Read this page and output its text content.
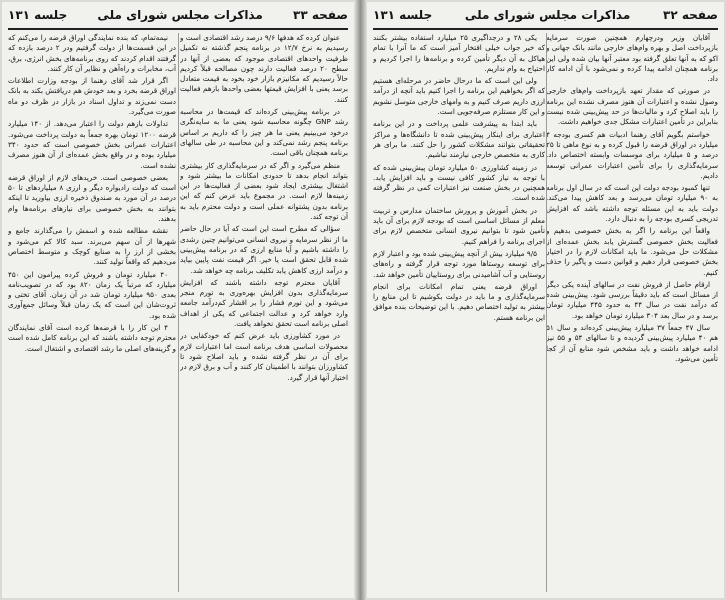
صفحه ۳۳
مذاکرات مجلس شورای ملی
جلسه ۱۳۱

عنوان کرده که هدفها ۹/۶ درصد رشد اقتصادی است و رسیدیم به نرخ ۱۲/۷ در برنامه پنجم گذشته نه تکمیل ظرفیت واحدهای اقتصادی موجود که بعضی از آنها در سطح ۲۰ درصد فعالیت دارند چون مصالحه قبلاً کردیم حالاً رسیدیم که مکانیزم بازار خود بخود به قیمت متعادل برسد یعنی با افزایش قیمتها بعضی واحدها بازهم فعالیت کنند.

در برنامه پیش‌بینی کرده‌اند که قیمت‌ها در محاسبه رشد GNP چگونه محاسبه شود یعنی ما به سایه‌نگری درخود می‌بینیم یعنی ما هر چیز را که داریم بر اساس برنامه پنجم رشد نمی‌کند و این محاسبه در طی سالهای برنامه همچنان باقی است.

منظم می‌گیرد و اگر که در سرمایه‌گذاری کار بیشتری بتواند انجام بدهد تا حدودی امکانات ما بیشتر شود و اشتغال بیشتری ایجاد شود بعضی از فعالیت‌ها در این زمینه‌ها لازم است. در مجموع باید عرض کنم که این برنامه بدون پشتوانه عملی است و دولت محترم باید به آن توجه کند.

سؤالی که مطرح است این است که آیا در حال حاضر ما از نظر سرمایه و نیروی انسانی می‌توانیم چنین رشدی را داشته باشیم و آیا منابع ارزی که در برنامه پیش‌بینی شده قابل تحقق است یا خیر. اگر قیمت نفت پایین بیاید و درآمد ارزی کاهش یابد تکلیف برنامه چه خواهد شد.

آقایان محترم توجه داشته باشند که افزایش سرمایه‌گذاری بدون افزایش بهره‌وری به تورم منجر می‌شود و این تورم فشار را بر اقشار کم‌درآمد جامعه وارد خواهد کرد و عدالت اجتماعی که یکی از اهداف اصلی برنامه است تحقق نخواهد یافت.

در مورد کشاورزی باید عرض کنم که خودکفایی در محصولات اساسی هدف برنامه است اما اعتبارات لازم برای آن در نظر گرفته نشده و باید اصلاح شود تا کشاورزان بتوانند با اطمینان کار کنند و آب و برق لازم در اختیار آنها قرار گیرد.

نیمه‌تمام، که بنده نمایندگی اوراق قرضه را می‌کنم که در این قسمت‌ها از دولت گرفتیم ودر ۲ درصد بازده که گرفتند اقدام کردند که روی برنامه‌های بخش انرژی، برق، آب، مخابرات و راه‌آهن و نظایر آن کار کنند.

اگر قرار شد آقای رهنما از بودجه وزارت اطلاعات اوراق قرضه بخرد و بعد خودش هم دریافتش بکند به بانک دست نمی‌زند و تداول اسناد در بازار در ظرف دو ماه صورت می‌گیرد.

تداولات بازهم دولت را اعتبار می‌دهد. از ۱۴۰ میلیارد قرضه ۱۲۰۰ تومان بهره جمعاً به دولت پرداخت می‌شود. اعتبارات عمرانی بخش خصوصی است که حدود ۳۴۰ میلیارد بوده و در واقع بخش عمده‌ای از آن هنوز مصرف نشده است.

بعضی خصوصی است. خریدهای لازم از اوراق قرضه است که دولت رادیواره دیگر و ارزی ۸ میلیاردهای تا ۵۰ درصد در آن مورد به صندوق ذخیره ارزی بیاورید تا اینکه بتوانند به بخش خصوصی برای نیازهای برنامه‌ها وام بدهند.

نقشه مطالعه شده و اسمش را می‌گذارند جامع و شهرها از آن سهم می‌برند. سبد کالا کم می‌شود و بخشی از ارز را به صنایع کوچک و متوسط اختصاص می‌دهیم که واقعاً تولید کنند.

۴۰ میلیارد تومان و فروش کرده پیرامون این ۴۵۰ میلیارد که مرتباً یک زمان ۸۲۰ بود که در تصویب‌نامه بعدی ۹۵۰ میلیارد تومان شد در آن زمان. آقای تختی و ثروت‌شان این است که یک زمان قبلاً وسائل جمع‌آوری شده بود.

۴ این کار را با قرضه‌ها کرده است آقای نمایندگان محترم توجه داشته باشند که این برنامه کامل شده است و گزینه‌های اصلی ما رشد اقتصادی و اشتغال است.

صفحه ۳۲
مذاکرات مجلس شورای ملی
جلسه ۱۳۱

آقایان وزیر ودرچهارم همچنین صورت سرمایه بازپرداخت اصل و بهره وام‌های خارجی مانند بانک جهانی و اکو که به آنها تعلق گرفته بود معتبر آنها بیان شده ولی این برنامه همچنان ادامه پیدا کرده و نمی‌شود با آن ادامه کار داد.

در صورتی که مقدار تعهد بازپرداخت وام‌های خارجی وصول نشده و اعتبارات آن هنوز مصرف نشده این برنامه را باید اصلاح کرد و مالیات‌ها در حد پیش‌بینی شده نیست بنابراین در تأمین اعتبارات مشکل جدی خواهیم داشت.

خواستم بگویم آقای رهنما ادبیات هم کسری بودجه ۴ میلیارد در اوراق قرضه را قبول کرده و به نوع ماهی تا ۲۵ درصد و ۵ میلیارد برای موسسات وابسته اختصاص داد. سرمایه‌گذاری را برای تأمین اعتبارات عمرانی توسعه دادیم.

تنها کمبود بودجه دولت این است که در سال اول برنامه به ۹۰ میلیارد تومان می‌رسد و بعد کاهش پیدا می‌کند. دولت باید به این مسئله توجه داشته باشد که افزایش تدریجی کسری بودجه را به دنبال دارد.

واقعاً این برنامه را اگر به بخش خصوصی بدهیم و فعالیت بخش خصوصی گسترش یابد بخش عمده‌ای از مشکلات حل می‌شود. ما باید امکانات لازم را در اختیار بخش خصوصی قرار دهیم و قوانین دست و پاگیر را حذف کنیم.

ارقام حاصل از فروش نفت در سالهای آینده یکی دیگر از مسائل است که باید دقیقاً بررسی شود. پیش‌بینی شده که درآمد نفت در سال ۴۴ به حدود ۴۴۵ میلیارد تومان برسد و در سال بعد ۳۰۴ میلیارد تومان خواهد بود.

سال ۴۷ جمعاً ۳۷ میلیارد پیش‌بینی کرده‌اند و سال ۵۱ هم ۴۰ میلیارد پیش‌بینی گردیده و تا سالهای ۵۴ و ۵۵ نیز ادامه خواهد داشت و باید مشخص شود منابع آن از کجا تأمین می‌شود.

یکی ۲۸ و درجداگیری ۲۵ میلیارد استفاده بیشتر بکنند که خیر جواب خیلی افتخار آمیز است که ما آنرا با تمام هیاکل به آن دیگر تأمین کرده و برنامه‌ها را اجرا کردیم و احتیاج به وام نداریم.

ولی این است که ما درحال حاضر در مرحله‌ای هستیم که اگر بخواهیم این برنامه را اجرا کنیم باید آنچه از درآمد ارزی داریم صرف کنیم و به وامهای خارجی متوسل نشویم و این کار مستلزم صرفه‌جویی است.

باید ابتدا به پیشرفت علمی پرداخت و در این برنامه اعتباری برای اینکار پیش‌بینی شده تا دانشگاه‌ها و مراکز تحقیقاتی بتوانند مشکلات کشور را حل کنند. ما برای هر کاری به متخصص خارجی نیازمند نباشیم.

در زمینه کشاورزی ۵۰ میلیارد تومان پیش‌بینی شده که با توجه به نیاز کشور کافی نیست و باید افزایش یابد. همچنین در بخش صنعت نیز اعتبارات کمی در نظر گرفته شده است.

در بخش آموزش و پرورش ساختمان مدارس و تربیت معلم از مسائل اساسی است که بودجه لازم برای آن باید تأمین شود تا بتوانیم نیروی انسانی متخصص لازم برای اجرای برنامه را فراهم کنیم.

۹/۵ میلیارد بیش از آنچه پیش‌بینی شده بود و اعتبار لازم برای توسعه روستاها مورد توجه قرار گرفته و راه‌های روستایی و آب آشامیدنی برای روستاییان تأمین خواهد شد.

اوراق قرضه یعنی تمام امکانات برای انجام سرمایه‌گذاری و ما باید در دولت بکوشیم تا این منابع را بیشتر به تولید اختصاص دهیم. با این توضیحات بنده موافق این برنامه هستم.
